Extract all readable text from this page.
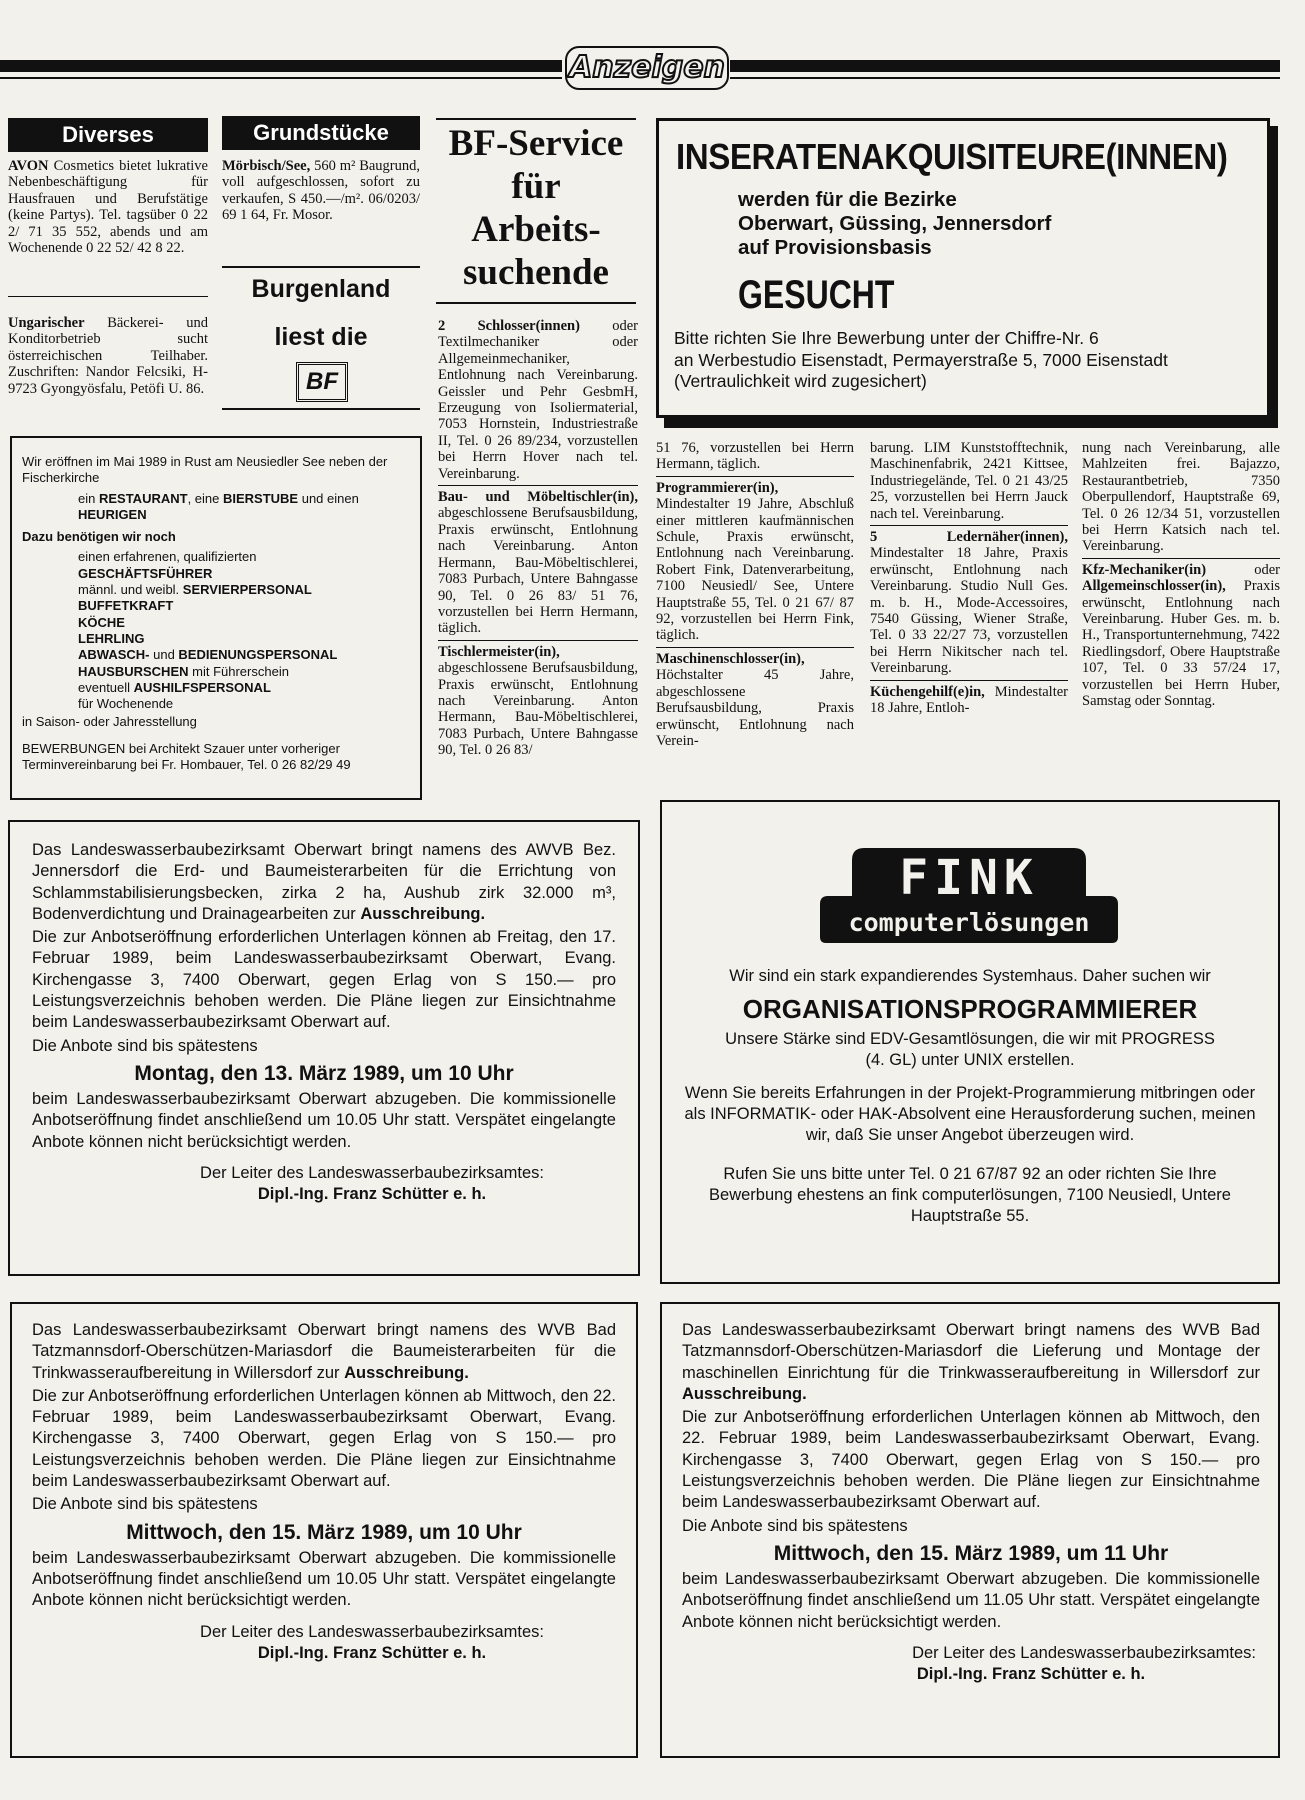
Anzeigen
Diverses

AVON Cosmetics bietet lukrative Nebenbeschäftigung für Hausfrauen und Berufstätige (keine Partys). Tel. tagsüber 0 22 2/ 71 35 552, abends und am Wochenende 0 22 52/ 42 8 22.

Ungarischer Bäckerei- und Konditorbetrieb sucht österreichischen Teilhaber. Zuschriften: Nandor Felcsiki, H-9723 Gyongyösfalu, Petöfi U. 86.

Grundstücke

Mörbisch/See, 560 m² Baugrund, voll aufgeschlossen, sofort zu verkaufen, S 450.—/m². 06/0203/ 69 1 64, Fr. Mosor.

Burgenland
liest die
BF
Wir eröffnen im Mai 1989 in Rust am Neusiedler See neben der Fischerkirche
ein RESTAURANT, eine BIERSTUBE und einen
HEURIGEN
Dazu benötigen wir noch
einen erfahrenen, qualifizierten
GESCHÄFTSFÜHRER
männl. und weibl. SERVIERPERSONAL
BUFFETKRAFT
KÖCHE
LEHRLING
ABWASCH- und BEDIENUNGSPERSONAL
HAUSBURSCHEN mit Führerschein
eventuell AUSHILFSPERSONAL
für Wochenende
in Saison- oder Jahresstellung
BEWERBUNGEN bei Architekt Szauer unter vorheriger Terminvereinbarung bei Fr. Hombauer, Tel. 0 26 82/29 49
BF-Service
für
Arbeits-
suchende

2 Schlosser(innen) oder Textilmechaniker oder Allgemeinmechaniker, Entlohnung nach Vereinbarung. Geissler und Pehr GesbmH, Erzeugung von Isoliermaterial, 7053 Hornstein, Industriestraße II, Tel. 0 26 89/234, vorzustellen bei Herrn Hover nach tel. Vereinbarung.

Bau- und Möbeltischler(in), abgeschlossene Berufsausbildung, Praxis erwünscht, Entlohnung nach Vereinbarung. Anton Hermann, Bau-Möbeltischlerei, 7083 Purbach, Untere Bahngasse 90, Tel. 0 26 83/ 51 76, vorzustellen bei Herrn Hermann, täglich.

Tischlermeister(in), abgeschlossene Berufsausbildung, Praxis erwünscht, Entlohnung nach Vereinbarung. Anton Hermann, Bau-Möbeltischlerei, 7083 Purbach, Untere Bahngasse 90, Tel. 0 26 83/

51 76, vorzustellen bei Herrn Hermann, täglich.

Programmierer(in), Mindestalter 19 Jahre, Abschluß einer mittleren kaufmännischen Schule, Praxis erwünscht, Entlohnung nach Vereinbarung. Robert Fink, Datenverarbeitung, 7100 Neusiedl/ See, Untere Hauptstraße 55, Tel. 0 21 67/ 87 92, vorzustellen bei Herrn Fink, täglich.

Maschinenschlosser(in), Höchstalter 45 Jahre, abgeschlossene Berufsausbildung, Praxis erwünscht, Entlohnung nach Verein-

barung. LIM Kunststofftechnik, Maschinenfabrik, 2421 Kittsee, Industriegelände, Tel. 0 21 43/25 25, vorzustellen bei Herrn Jauck nach tel. Vereinbarung.

5 Ledernäher(innen), Mindestalter 18 Jahre, Praxis erwünscht, Entlohnung nach Vereinbarung. Studio Null Ges. m. b. H., Mode-Accessoires, 7540 Güssing, Wiener Straße, Tel. 0 33 22/27 73, vorzustellen bei Herrn Nikitscher nach tel. Vereinbarung.

Küchengehilf(e)in, Mindestalter 18 Jahre, Entloh-

nung nach Vereinbarung, alle Mahlzeiten frei. Bajazzo, Restaurantbetrieb, 7350 Oberpullendorf, Hauptstraße 69, Tel. 0 26 12/34 51, vorzustellen bei Herrn Katsich nach tel. Vereinbarung.

Kfz-Mechaniker(in) oder Allgemeinschlosser(in), Praxis erwünscht, Entlohnung nach Vereinbarung. Huber Ges. m. b. H., Transportunternehmung, 7422 Riedlingsdorf, Obere Hauptstraße 107, Tel. 0 33 57/24 17, vorzustellen bei Herrn Huber, Samstag oder Sonntag.

INSERATENAKQUISITEURE(INNEN)
werden für die Bezirke
Oberwart, Güssing, Jennersdorf
auf Provisionsbasis
GESUCHT
Bitte richten Sie Ihre Bewerbung unter der Chiffre-Nr. 6
an Werbestudio Eisenstadt, Permayerstraße 5, 7000 Eisenstadt
(Vertraulichkeit wird zugesichert)

Das Landeswasserbaubezirksamt Oberwart bringt namens des AWVB Bez. Jennersdorf die Erd- und Baumeisterarbeiten für die Errichtung von Schlammstabilisierungsbecken, zirka 2 ha, Aushub zirk 32.000 m³, Bodenverdichtung und Drainagearbeiten zur Ausschreibung.

Die zur Anbotseröffnung erforderlichen Unterlagen können ab Freitag, den 17. Februar 1989, beim Landeswasserbaubezirksamt Oberwart, Evang. Kirchengasse 3, 7400 Oberwart, gegen Erlag von S 150.— pro Leistungsverzeichnis behoben werden. Die Pläne liegen zur Einsichtnahme beim Landeswasserbaubezirksamt Oberwart auf.

Die Anbote sind bis spätestens

Montag, den 13. März 1989, um 10 Uhr

beim Landeswasserbaubezirksamt Oberwart abzugeben. Die kommissionelle Anbotseröffnung findet anschließend um 10.05 Uhr statt. Verspätet eingelangte Anbote können nicht berücksichtigt werden.

Der Leiter des Landeswasserbaubezirksamtes:

Dipl.-Ing. Franz Schütter e. h.

FINK
computerlösungen
Wir sind ein stark expandierendes Systemhaus. Daher suchen wir
ORGANISATIONSPROGRAMMIERER
Unsere Stärke sind EDV-Gesamtlösungen, die wir mit PROGRESS (4. GL) unter UNIX erstellen.
Wenn Sie bereits Erfahrungen in der Projekt-Programmierung mitbringen oder als INFORMATIK- oder HAK-Absolvent eine Herausforderung suchen, meinen wir, daß Sie unser Angebot überzeugen wird.
Rufen Sie uns bitte unter Tel. 0 21 67/87 92 an oder richten Sie Ihre Bewerbung ehestens an fink computerlösungen, 7100 Neusiedl, Untere Hauptstraße 55.

Das Landeswasserbaubezirksamt Oberwart bringt namens des WVB Bad Tatzmannsdorf-Oberschützen-Mariasdorf die Baumeisterarbeiten für die Trinkwasseraufbereitung in Willersdorf zur Ausschreibung.

Die zur Anbotseröffnung erforderlichen Unterlagen können ab Mittwoch, den 22. Februar 1989, beim Landeswasserbaubezirksamt Oberwart, Evang. Kirchengasse 3, 7400 Oberwart, gegen Erlag von S 150.— pro Leistungsverzeichnis behoben werden. Die Pläne liegen zur Einsichtnahme beim Landeswasserbaubezirksamt Oberwart auf.

Die Anbote sind bis spätestens

Mittwoch, den 15. März 1989, um 10 Uhr

beim Landeswasserbaubezirksamt Oberwart abzugeben. Die kommissionelle Anbotseröffnung findet anschließend um 10.05 Uhr statt. Verspätet eingelangte Anbote können nicht berücksichtigt werden.

Der Leiter des Landeswasserbaubezirksamtes:

Dipl.-Ing. Franz Schütter e. h.

Das Landeswasserbaubezirksamt Oberwart bringt namens des WVB Bad Tatzmannsdorf-Oberschützen-Mariasdorf die Lieferung und Montage der maschinellen Einrichtung für die Trinkwasseraufbereitung in Willersdorf zur Ausschreibung.

Die zur Anbotseröffnung erforderlichen Unterlagen können ab Mittwoch, den 22. Februar 1989, beim Landeswasserbaubezirksamt Oberwart, Evang. Kirchengasse 3, 7400 Oberwart, gegen Erlag von S 150.— pro Leistungsverzeichnis behoben werden. Die Pläne liegen zur Einsichtnahme beim Landeswasserbaubezirksamt Oberwart auf.

Die Anbote sind bis spätestens

Mittwoch, den 15. März 1989, um 11 Uhr

beim Landeswasserbaubezirksamt Oberwart abzugeben. Die kommissionelle Anbotseröffnung findet anschließend um 11.05 Uhr statt. Verspätet eingelangte Anbote können nicht berücksichtigt werden.

Der Leiter des Landeswasserbaubezirksamtes:

Dipl.-Ing. Franz Schütter e. h.
